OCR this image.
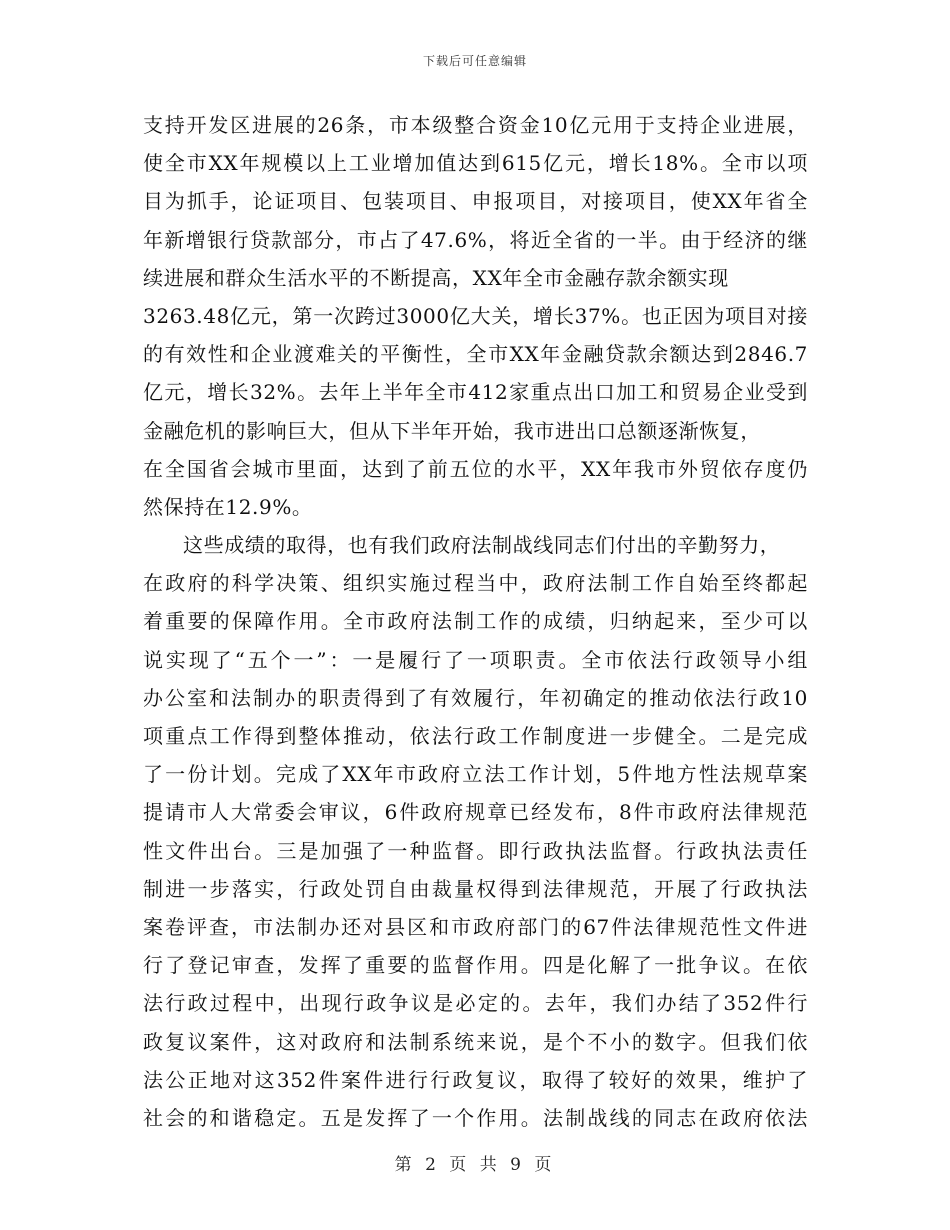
下载后可任意编辑
支持开发区进展的26条，市本级整合资金10亿元用于支持企业进展，
使全市XX年规模以上工业增加值达到615亿元，增长18%。全市以项
目为抓手，论证项目、包装项目、申报项目，对接项目，使XX年省全
年新增银行贷款部分，市占了47.6%，将近全省的一半。由于经济的继
续进展和群众生活水平的不断提高，XX年全市金融存款余额实现
3263.48亿元，第一次跨过3000亿大关，增长37%。也正因为项目对接
的有效性和企业渡难关的平衡性，全市XX年金融贷款余额达到2846.7
亿元，增长32%。去年上半年全市412家重点出口加工和贸易企业受到
金融危机的影响巨大，但从下半年开始，我市进出口总额逐渐恢复，
在全国省会城市里面，达到了前五位的水平，XX年我市外贸依存度仍
然保持在12.9%。
这些成绩的取得，也有我们政府法制战线同志们付出的辛勤努力，
在政府的科学决策、组织实施过程当中，政府法制工作自始至终都起
着重要的保障作用。全市政府法制工作的成绩，归纳起来，至少可以
说实现了“五个一”：一是履行了一项职责。全市依法行政领导小组
办公室和法制办的职责得到了有效履行，年初确定的推动依法行政10
项重点工作得到整体推动，依法行政工作制度进一步健全。二是完成
了一份计划。完成了XX年市政府立法工作计划，5件地方性法规草案
提请市人大常委会审议，6件政府规章已经发布，8件市政府法律规范
性文件出台。三是加强了一种监督。即行政执法监督。行政执法责任
制进一步落实，行政处罚自由裁量权得到法律规范，开展了行政执法
案卷评查，市法制办还对县区和市政府部门的67件法律规范性文件进
行了登记审查，发挥了重要的监督作用。四是化解了一批争议。在依
法行政过程中，出现行政争议是必定的。去年，我们办结了352件行
政复议案件，这对政府和法制系统来说，是个不小的数字。但我们依
法公正地对这352件案件进行行政复议，取得了较好的效果，维护了
社会的和谐稳定。五是发挥了一个作用。法制战线的同志在政府依法
第 2 页 共 9 页
